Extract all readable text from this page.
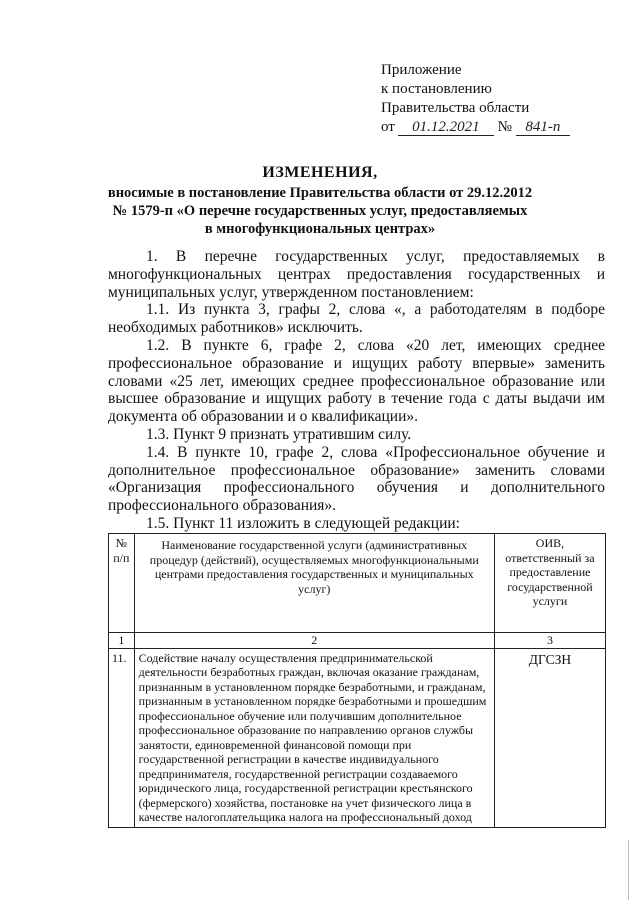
Приложение
к постановлению
Правительства области
от 01.12.2021 № 841-п
ИЗМЕНЕНИЯ,
вносимые в постановление Правительства области от 29.12.2012
№ 1579-п «О перечне государственных услуг, предоставляемых
в многофункциональных центрах»

1. В перечне государственных услуг, предоставляемых в многофункциональных центрах предоставления государственных и муниципальных услуг, утвержденном постановлением:

1.1. Из пункта 3, графы 2, слова «, а работодателям в подборе необходимых работников» исключить.

1.2. В пункте 6, графе 2, слова «20 лет, имеющих среднее профессиональное образование и ищущих работу впервые» заменить словами «25 лет, имеющих среднее профессиональное образование или высшее образование и ищущих работу в течение года с даты выдачи им документа об образовании и о квалификации».

1.3. Пункт 9 признать утратившим силу.

1.4. В пункте 10, графе 2, слова «Профессиональное обучение и дополнительное профессиональное образование» заменить словами «Организация профессионального обучения и дополнительного профессионального образования».

1.5. Пункт 11 изложить в следующей редакции:

№ п/п	Наименование государственной услуги (административных процедур (действий), осуществляемых многофункциональными центрами предоставления государственных и муниципальных услуг)	ОИВ, ответственный за предоставление государственной услуги
1	2	3
11.	Содействие началу осуществления предпринимательской деятельности безработных граждан, включая оказание гражданам, признанным в установленном порядке безработными, и гражданам, признанным в установленном порядке безработными и прошедшим профессиональное обучение или получившим дополнительное профессиональное образование по направлению органов службы занятости, единовременной финансовой помощи при государственной регистрации в качестве индивидуального предпринимателя, государственной регистрации создаваемого юридического лица, государственной регистрации крестьянского (фермерского) хозяйства, постановке на учет физического лица в качестве налогоплательщика налога на профессиональный доход	ДГСЗН
